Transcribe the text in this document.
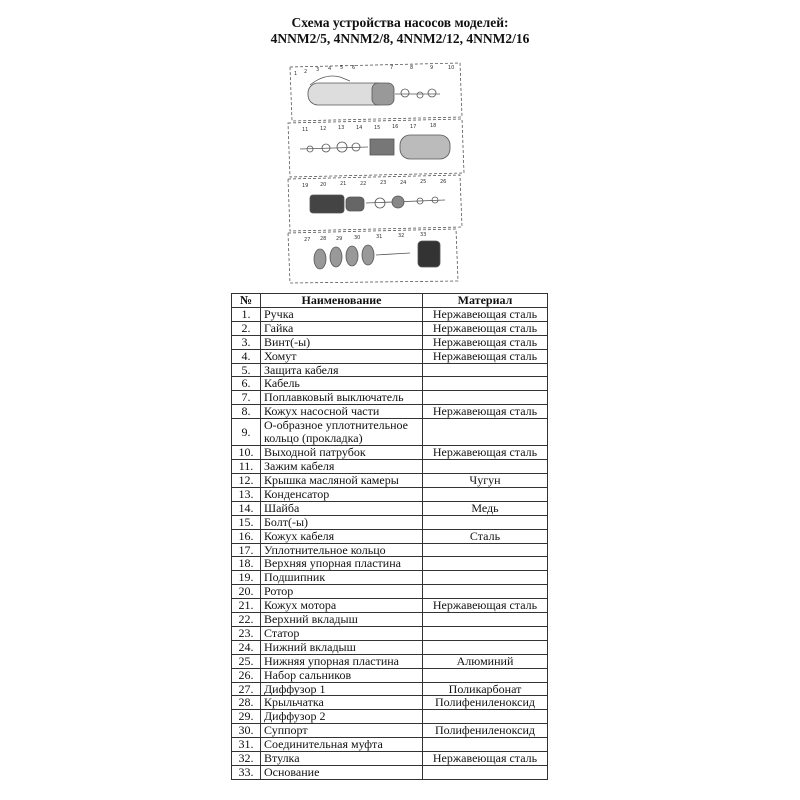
Схема устройства насосов моделей:
4NNM2/5, 4NNM2/8, 4NNM2/12, 4NNM2/16
1 2 3 4 5 6	7	8	9	10
11 12 13 14 15 16 17	18
19 20	21	22	23	24	25	26
27 28 29 30	31	32	33
№	Наименование	Материал
1.	Ручка	Нержавеющая сталь
2.	Гайка	Нержавеющая сталь
3.	Винт(-ы)	Нержавеющая сталь
4.	Хомут	Нержавеющая сталь
5.	Защита кабеля	
6.	Кабель	
7.	Поплавковый выключатель	
8.	Кожух насосной части	Нержавеющая сталь
9.	О-образное уплотнительное кольцо (прокладка)	
10.	Выходной патрубок	Нержавеющая сталь
11.	Зажим кабеля	
12.	Крышка масляной камеры	Чугун
13.	Конденсатор	
14.	Шайба	Медь
15.	Болт(-ы)	
16.	Кожух кабеля	Сталь
17.	Уплотнительное кольцо	
18.	Верхняя упорная пластина	
19.	Подшипник	
20.	Ротор	
21.	Кожух мотора	Нержавеющая сталь
22.	Верхний вкладыш	
23.	Статор	
24.	Нижний вкладыш	
25.	Нижняя упорная пластина	Алюминий
26.	Набор сальников	
27.	Диффузор 1	Поликарбонат
28.	Крыльчатка	Полифениленоксид
29.	Диффузор 2	
30.	Суппорт	Полифениленоксид
31.	Соединительная муфта	
32.	Втулка	Нержавеющая сталь
33.	Основание	
